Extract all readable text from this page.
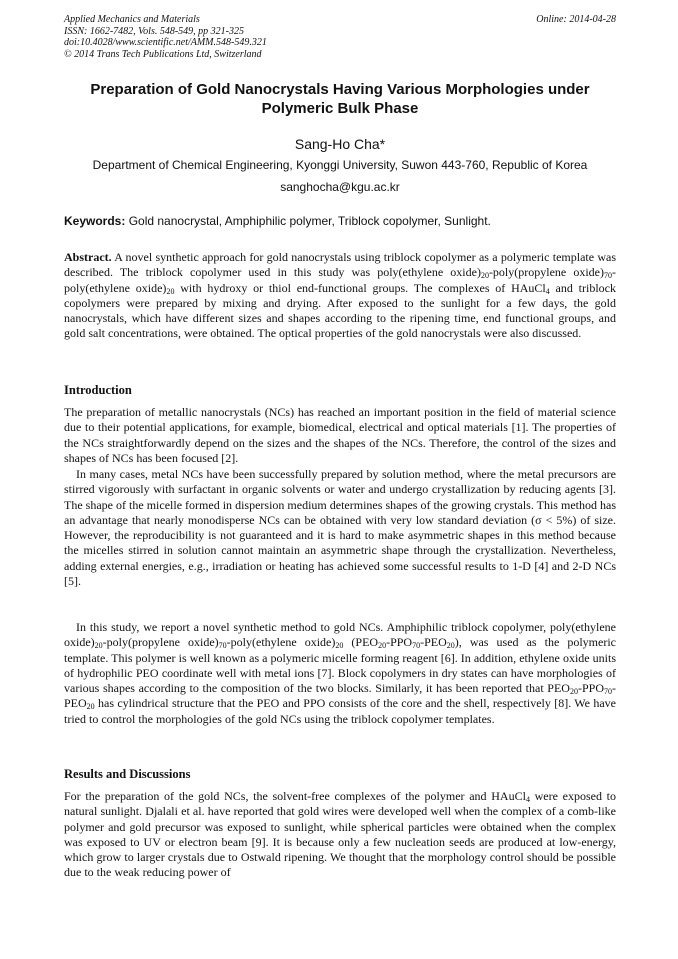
Applied Mechanics and Materials
ISSN: 1662-7482, Vols. 548-549, pp 321-325
doi:10.4028/www.scientific.net/AMM.548-549.321
© 2014 Trans Tech Publications Ltd, Switzerland
Online: 2014-04-28
Preparation of Gold Nanocrystals Having Various Morphologies under Polymeric Bulk Phase
Sang-Ho Cha*
Department of Chemical Engineering, Kyonggi University, Suwon 443-760, Republic of Korea
sanghocha@kgu.ac.kr
Keywords: Gold nanocrystal, Amphiphilic polymer, Triblock copolymer, Sunlight.
Abstract. A novel synthetic approach for gold nanocrystals using triblock copolymer as a polymeric template was described. The triblock copolymer used in this study was poly(ethylene $oxide)_{20}-poly(propylene$ $oxide)_{70}-poly(ethylene$ $oxide)_{20}$ with hydroxy or thiol end-functional groups. The complexes of HAuCl$_4$ and triblock copolymers were prepared by mixing and drying. After exposed to the sunlight for a few days, the gold nanocrystals, which have different sizes and shapes according to the ripening time, end functional groups, and gold salt concentrations, were obtained. The optical properties of the gold nanocrystals were also discussed.
Introduction
The preparation of metallic nanocrystals (NCs) has reached an important position in the field of material science due to their potential applications, for example, biomedical, electrical and optical materials [1]. The properties of the NCs straightforwardly depend on the sizes and the shapes of the NCs. Therefore, the control of the sizes and shapes of NCs has been focused [2].
In many cases, metal NCs have been successfully prepared by solution method, where the metal precursors are stirred vigorously with surfactant in organic solvents or water and undergo crystallization by reducing agents [3]. The shape of the micelle formed in dispersion medium determines shapes of the growing crystals. This method has an advantage that nearly monodisperse NCs can be obtained with very low standard deviation (σ < 5%) of size. However, the reproducibility is not guaranteed and it is hard to make asymmetric shapes in this method because the micelles stirred in solution cannot maintain an asymmetric shape through the crystallization. Nevertheless, adding external energies, e.g., irradiation or heating has achieved some successful results to 1-D [4] and 2-D NCs [5].
In this study, we report a novel synthetic method to gold NCs. Amphiphilic triblock copolymer, poly(ethylene $oxide)_{20}-poly(propylene$ $oxide)_{70}-poly(ethylene$ $oxide)_{20}$ $(PEO_{20}-PPO_{70}-PEO_{20})$, was used as the polymeric template. This polymer is well known as a polymeric micelle forming reagent [6]. In addition, ethylene oxide units of hydrophilic PEO coordinate well with metal ions [7]. Block copolymers in dry states can have morphologies of various shapes according to the composition of the two blocks. Similarly, it has been reported that $PEO_{20}-PPO_{70}-PEO_{20}$ has cylindrical structure that the PEO and PPO consists of the core and the shell, respectively [8]. We have tried to control the morphologies of the gold NCs using the triblock copolymer templates.
Results and Discussions
For the preparation of the gold NCs, the solvent-free complexes of the polymer and HAuCl$_4$ were exposed to natural sunlight. Djalali et al. have reported that gold wires were developed well when the complex of a comb-like polymer and gold precursor was exposed to sunlight, while spherical particles were obtained when the complex was exposed to UV or electron beam [9]. It is because only a few nucleation seeds are produced at low-energy, which grow to larger crystals due to Ostwald ripening. We thought that the morphology control should be possible due to the weak reducing power of
